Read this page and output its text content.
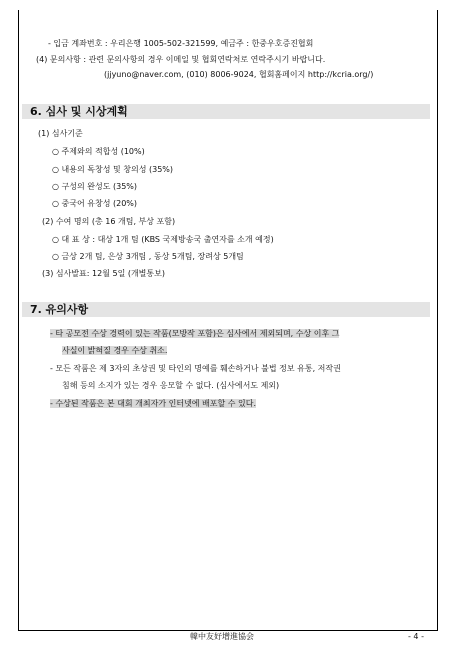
- 입금 계좌번호 : 우리은행 1005-502-321599, 예금주 : 한중우호증진협회
(4) 문의사항 : 관련 문의사항의 경우 이메일 및 협회연락처로 연락주시기 바랍니다.
(jjyuno@naver.com, (010) 8006-9024, 협회홈페이지 http://kcria.org/)
6. 심사 및 시상계획
(1) 심사기준
○ 주제와의 적합성 (10%)
○ 내용의 독창성 및 창의성 (35%)
○ 구성의 완성도 (35%)
○ 중국어 유창성 (20%)
(2) 수여 명의 (총 16 개팀, 부상 포함)
○ 대 표 상 : 대상 1개 팀 (KBS 국제방송국 출연자를 소개 예정)
○ 금상 2개 팀, 은상 3개팀 , 동상 5개팀, 장려상 5개팀
(3) 심사발표: 12월 5일 (개별통보)
7. 유의사항
- 타 공모전 수상 경력이 있는 작품(모방작 포함)은 심사에서 제외되며, 수상 이후 그
사실이 밝혀질 경우 수상 취소.
- 모든 작품은 제 3자의 초상권 및 타인의 명예를 훼손하거나 불법 정보 유통, 저작권
침해 등의 소지가 있는 경우 응모할 수 없다. (심사에서도 제외)
- 수상된 작품은 본 대회 개최자가 인터넷에 배포할 수 있다.
韓中友好增進協会	- 4 -
